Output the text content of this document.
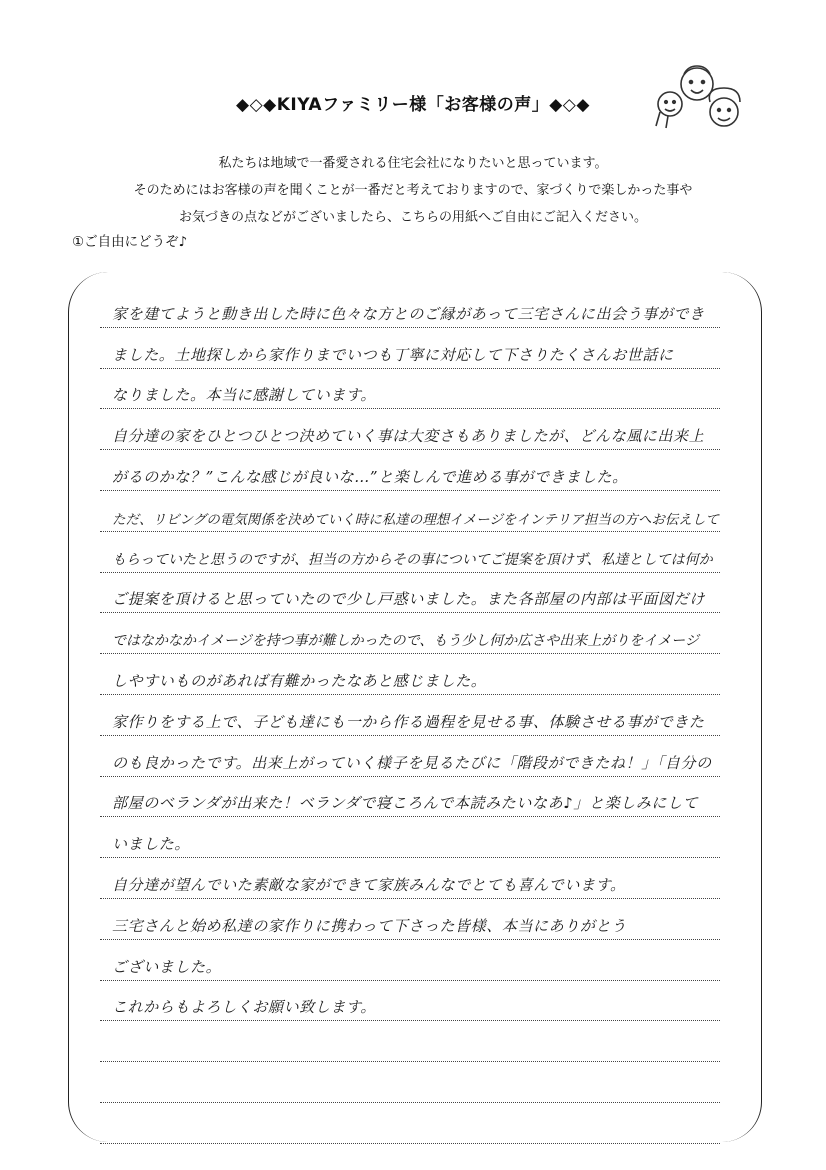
◆◇◆KIYAファミリー様「お客様の声」◆◇◆
私たちは地域で一番愛される住宅会社になりたいと思っています。
そのためにはお客様の声を聞くことが一番だと考えておりますので、家づくりで楽しかった事や
お気づきの点などがございましたら、こちらの用紙へご自由にご記入ください。
①ご自由にどうぞ♪
家を建てようと動き出した時に色々な方とのご縁があって三宅さんに出会う事ができ
ました。土地探しから家作りまでいつも丁寧に対応して下さりたくさんお世話に
なりました。本当に感謝しています。
自分達の家をひとつひとつ決めていく事は大変さもありましたが、どんな風に出来上
がるのかな？”こんな感じが良いな…”と楽しんで進める事ができました。
ただ、リビングの電気関係を決めていく時に私達の理想イメージをインテリア担当の方へお伝えして
もらっていたと思うのですが、担当の方からその事についてご提案を頂けず、私達としては何か
ご提案を頂けると思っていたので少し戸惑いました。また各部屋の内部は平面図だけ
ではなかなかイメージを持つ事が難しかったので、もう少し何か広さや出来上がりをイメージ
しやすいものがあれば有難かったなあと感じました。
家作りをする上で、子ども達にも一から作る過程を見せる事、体験させる事ができた
のも良かったです。出来上がっていく様子を見るたびに「階段ができたね！」「自分の
部屋のベランダが出来た！ベランダで寝ころんで本読みたいなあ♪」と楽しみにして
いました。
自分達が望んでいた素敵な家ができて家族みんなでとても喜んでいます。
三宅さんと始め私達の家作りに携わって下さった皆様、本当にありがとう
ございました。
これからもよろしくお願い致します。
